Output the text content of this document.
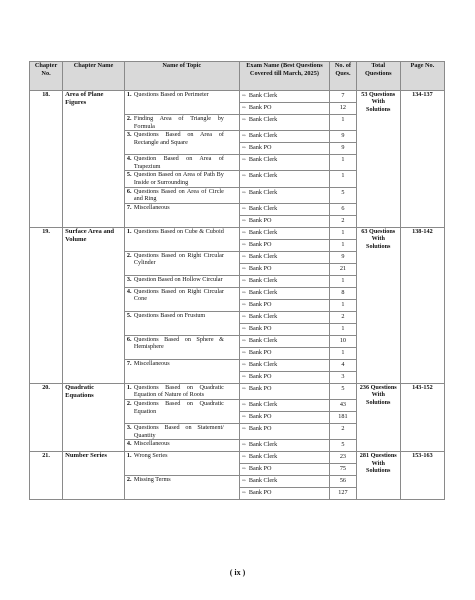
Chapter No.	Chapter Name	Name of Topic	Exam Name (Best Questions Covered till March, 2025)	No. of Ques.	Total Questions	Page No.
18.	Area of Plane Figures	1. Questions Based on Perimeter	⇒ Bank Clerk	7	53 Questions With Solutions	134-137
			⇒ Bank PO	12		
		2. Finding Area of Triangle by Formula	⇒ Bank Clerk	1		
		3. Questions Based on Area of Rectangle and Square	⇒ Bank Clerk	9		
			⇒ Bank PO	9		
		4. Question Based on Area of Trapezium	⇒ Bank Clerk	1		
		5. Question Based on Area of Path By Inside or Surrounding	⇒ Bank Clerk	1		
		6. Questions Based on Area of Circle and Ring	⇒ Bank Clerk	5		
		7. Miscellaneous	⇒ Bank Clerk	6		
			⇒ Bank PO	2		
19.	Surface Area and Volume	1. Questions Based on Cube & Cuboid	⇒ Bank Clerk	1	63 Questions With Solutions	138-142
			⇒ Bank PO	1		
		2. Questions Based on Right Circular Cylinder	⇒ Bank Clerk	9		
			⇒ Bank PO	21		
		3. Question Based on Hollow Circular	⇒ Bank Clerk	1		
		4. Questions Based on Right Circular Cone	⇒ Bank Clerk	8		
			⇒ Bank PO	1		
		5. Questions Based on Frustum	⇒ Bank Clerk	2		
			⇒ Bank PO	1		
		6. Questions Based on Sphere & Hemisphere	⇒ Bank Clerk	10		
			⇒ Bank PO	1		
		7. Miscellaneous	⇒ Bank Clerk	4		
			⇒ Bank PO	3		
20.	Quadratic Equations	1. Questions Based on Quadratic Equation of Nature of Roots	⇒ Bank PO	5	236 Questions With Solutions	143-152
		2. Questions Based on Quadratic Equation	⇒ Bank Clerk	43		
			⇒ Bank PO	181		
		3. Questions Based on Statement/ Quantity	⇒ Bank PO	2		
		4. Miscellaneous	⇒ Bank Clerk	5		
21.	Number Series	1. Wrong Series	⇒ Bank Clerk	23	281 Questions With Solutions	153-163
			⇒ Bank PO	75		
		2. Missing Terms	⇒ Bank Clerk	56		
			⇒ Bank PO	127		
( ix )
